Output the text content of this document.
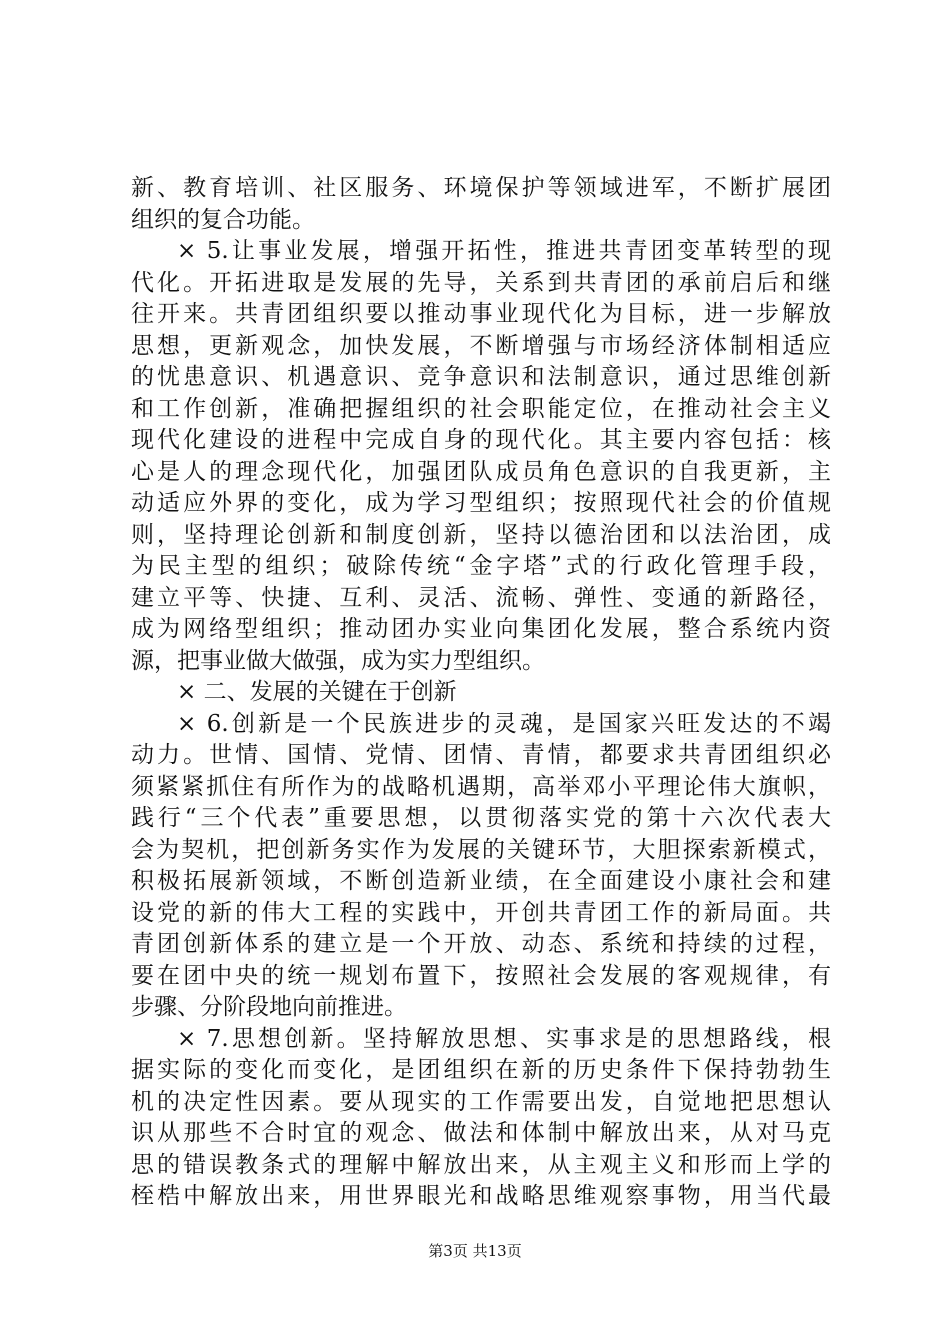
新、教育培训、社区服务、环境保护等领域进军，不断扩展团
组织的复合功能。
× 5.让事业发展，增强开拓性，推进共青团变革转型的现
代化。开拓进取是发展的先导，关系到共青团的承前启后和继
往开来。共青团组织要以推动事业现代化为目标，进一步解放
思想，更新观念，加快发展，不断增强与市场经济体制相适应
的忧患意识、机遇意识、竞争意识和法制意识，通过思维创新
和工作创新，准确把握组织的社会职能定位，在推动社会主义
现代化建设的进程中完成自身的现代化。其主要内容包括：核
心是人的理念现代化，加强团队成员角色意识的自我更新，主
动适应外界的变化，成为学习型组织；按照现代社会的价值规
则，坚持理论创新和制度创新，坚持以德治团和以法治团，成
为民主型的组织；破除传统“金字塔”式的行政化管理手段，
建立平等、快捷、互利、灵活、流畅、弹性、变通的新路径，
成为网络型组织；推动团办实业向集团化发展，整合系统内资
源，把事业做大做强，成为实力型组织。
× 二、发展的关键在于创新
× 6.创新是一个民族进步的灵魂，是国家兴旺发达的不竭
动力。世情、国情、党情、团情、青情，都要求共青团组织必
须紧紧抓住有所作为的战略机遇期，高举邓小平理论伟大旗帜，
践行“三个代表”重要思想，以贯彻落实党的第十六次代表大
会为契机，把创新务实作为发展的关键环节，大胆探索新模式，
积极拓展新领域，不断创造新业绩，在全面建设小康社会和建
设党的新的伟大工程的实践中，开创共青团工作的新局面。共
青团创新体系的建立是一个开放、动态、系统和持续的过程，
要在团中央的统一规划布置下，按照社会发展的客观规律，有
步骤、分阶段地向前推进。
× 7.思想创新。坚持解放思想、实事求是的思想路线，根
据实际的变化而变化，是团组织在新的历史条件下保持勃勃生
机的决定性因素。要从现实的工作需要出发，自觉地把思想认
识从那些不合时宜的观念、做法和体制中解放出来，从对马克
思的错误教条式的理解中解放出来，从主观主义和形而上学的
桎梏中解放出来，用世界眼光和战略思维观察事物，用当代最
第3页 共13页
